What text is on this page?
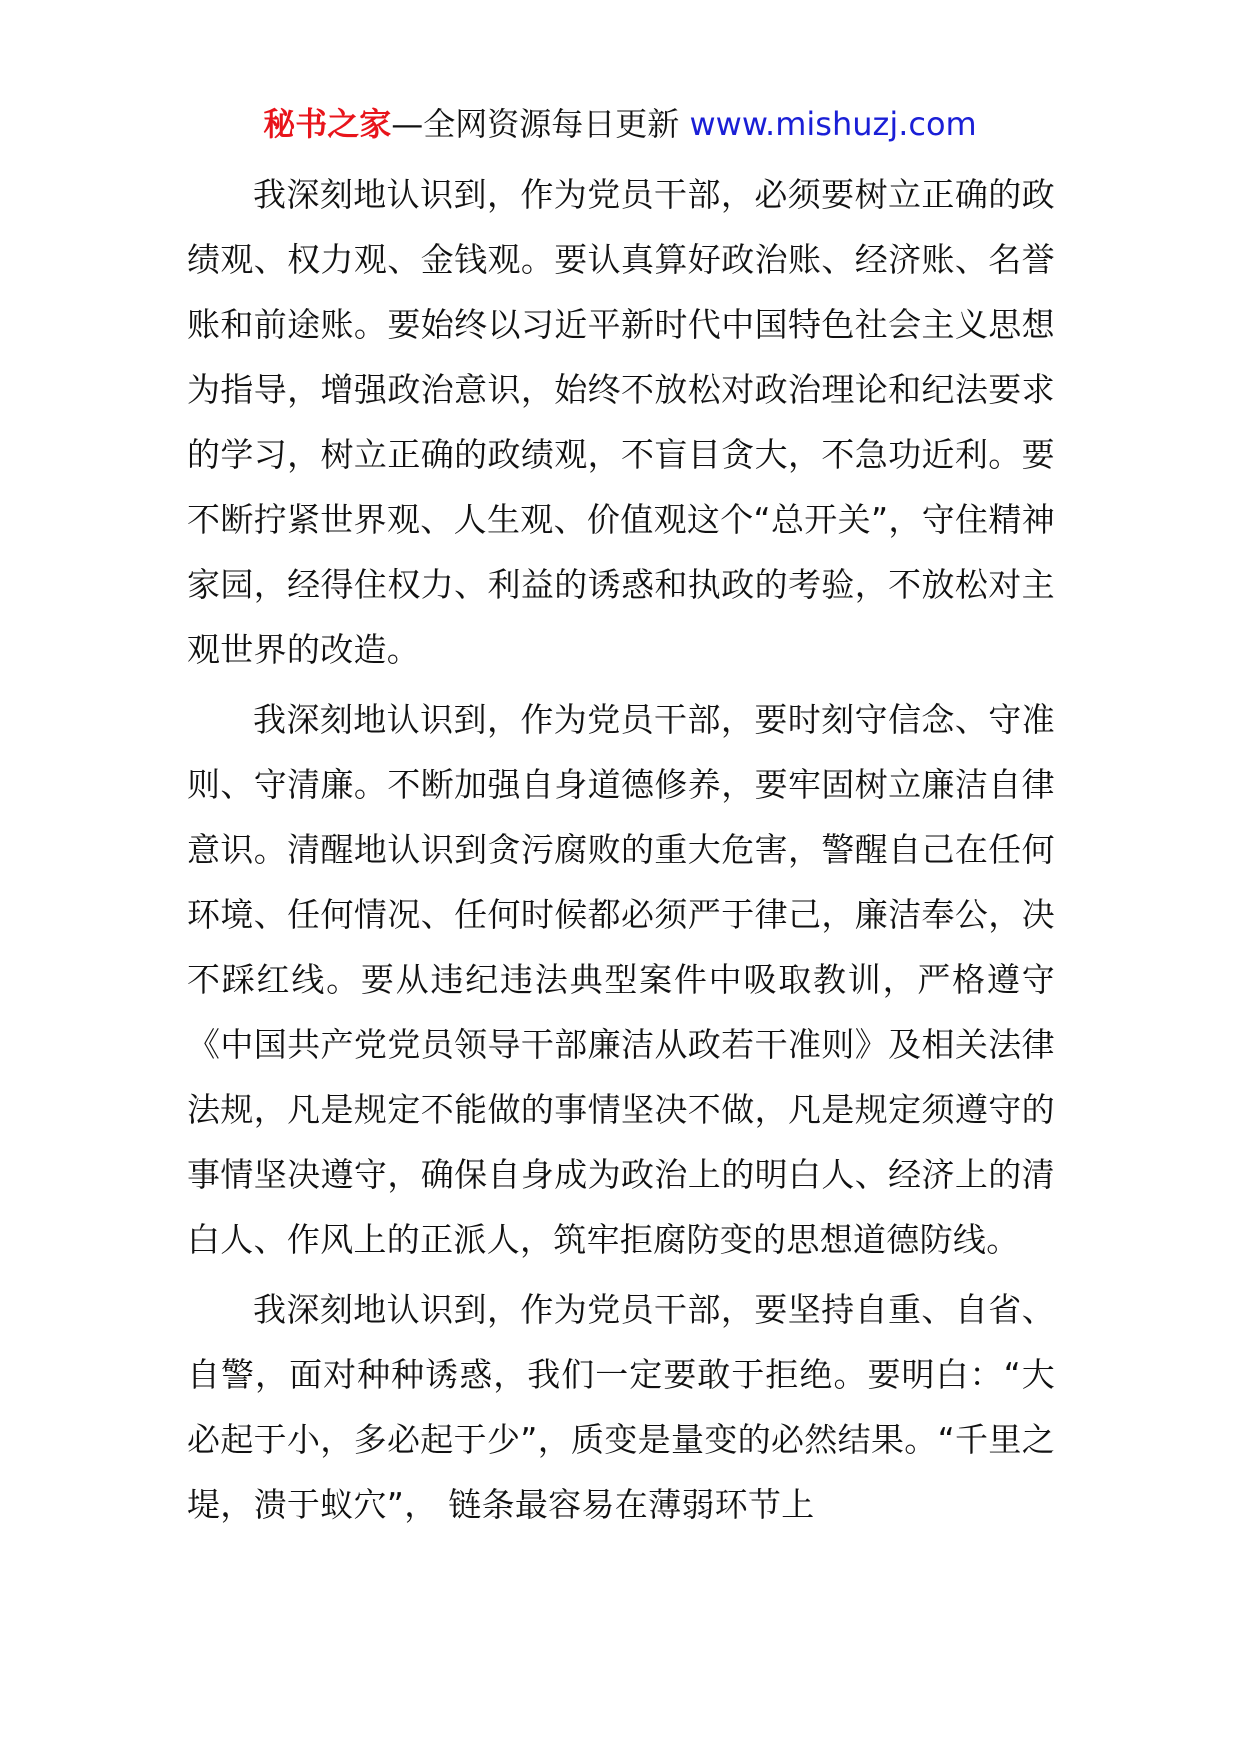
秘书之家—全网资源每日更新 www.mishuzj.com

我深刻地认识到，作为党员干部，必须要树立正确的政绩观、权力观、金钱观。要认真算好政治账、经济账、名誉账和前途账。要始终以习近平新时代中国特色社会主义思想为指导，增强政治意识，始终不放松对政治理论和纪法要求的学习，树立正确的政绩观，不盲目贪大，不急功近利。要不断拧紧世界观、人生观、价值观这个“总开关”，守住精神家园，经得住权力、利益的诱惑和执政的考验，不放松对主观世界的改造。

我深刻地认识到，作为党员干部，要时刻守信念、守准则、守清廉。不断加强自身道德修养，要牢固树立廉洁自律意识。清醒地认识到贪污腐败的重大危害，警醒自己在任何环境、任何情况、任何时候都必须严于律己，廉洁奉公，决不踩红线。要从违纪违法典型案件中吸取教训，严格遵守《中国共产党党员领导干部廉洁从政若干准则》及相关法律法规，凡是规定不能做的事情坚决不做，凡是规定须遵守的事情坚决遵守，确保自身成为政治上的明白人、经济上的清白人、作风上的正派人，筑牢拒腐防变的思想道德防线。

我深刻地认识到，作为党员干部，要坚持自重、自省、自警，面对种种诱惑，我们一定要敢于拒绝。要明白：“大必起于小，多必起于少”，质变是量变的必然结果。“千里之堤，溃于蚁穴”， 链条最容易在薄弱环节上
